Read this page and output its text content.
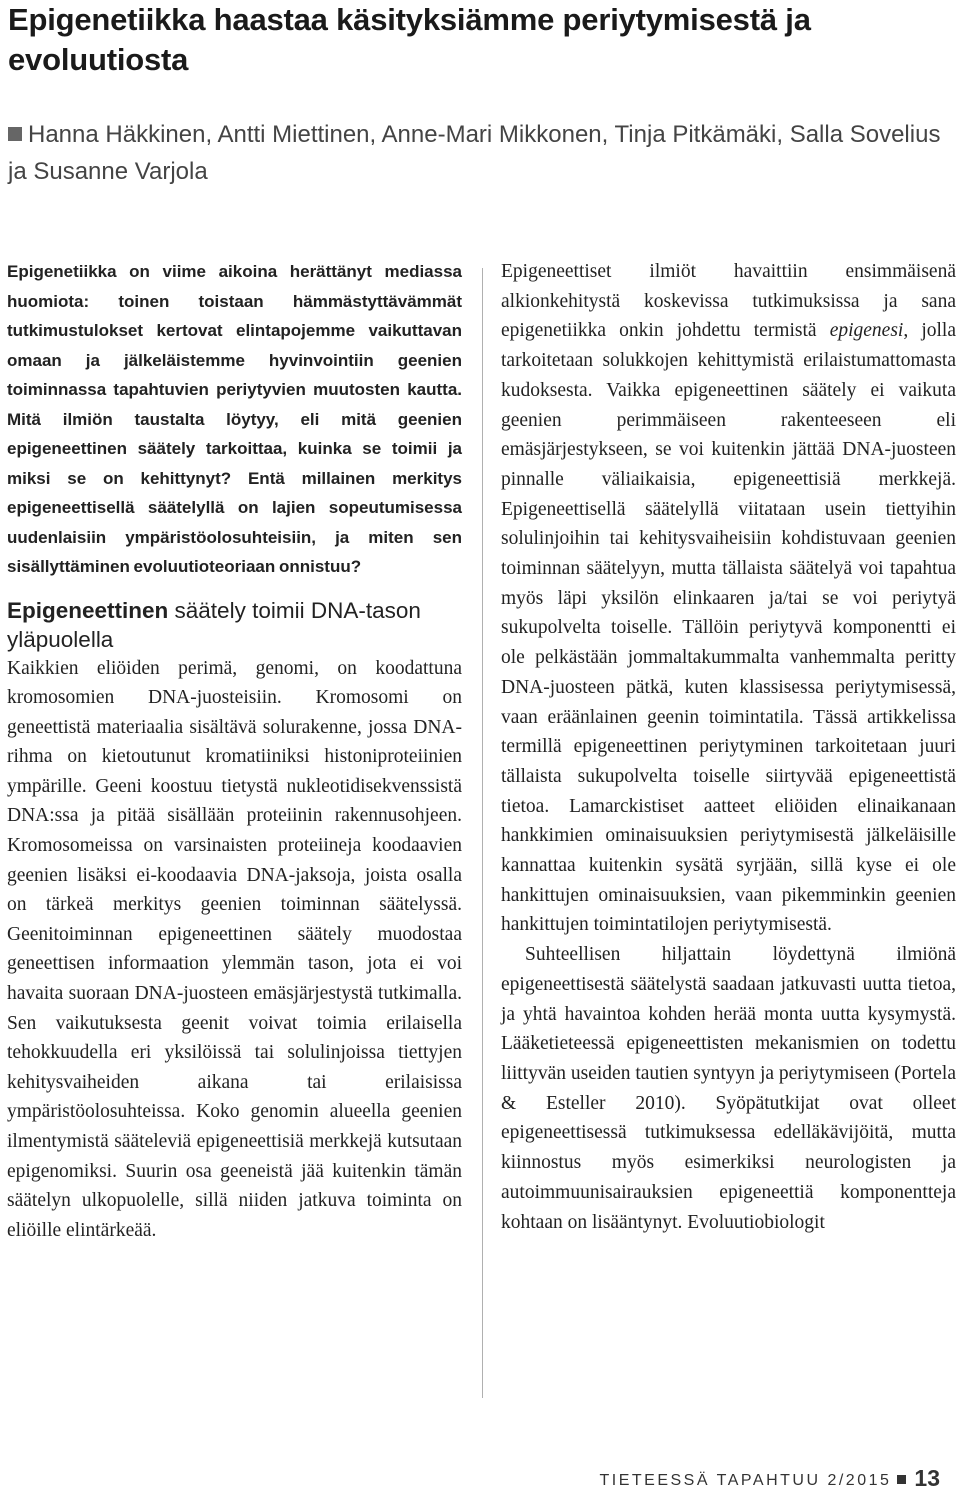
Epigenetiikka haastaa käsityksiämme periytymisestä ja evoluutiosta

Hanna Häkkinen, Antti Miettinen, Anne-Mari Mikkonen, Tinja Pitkämäki, Salla Sovelius ja Susanne Varjola

Epigenetiikka on viime aikoina herättänyt mediassa huomiota: toinen toistaan hämmästyttävämmät tutkimustulokset kertovat elintapojemme vaikuttavan omaan ja jälkeläistemme hyvinvointiin geenien toiminnassa tapahtuvien periytyvien muutosten kautta. Mitä ilmiön taustalta löytyy, eli mitä geenien epigeneettinen säätely tarkoittaa, kuinka se toimii ja miksi se on kehittynyt? Entä millainen merkitys epigeneettisellä säätelyllä on lajien sopeutumisessa uudenlaisiin ympäristöolosuhteisiin, ja miten sen sisällyttäminen evoluutioteoriaan onnistuu?

Epigeneettinen säätely toimii DNA-tason yläpuolella

Kaikkien eliöiden perimä, genomi, on koodattuna kromosomien DNA-juosteisiin. Kromosomi on geneettistä materiaalia sisältävä solurakenne, jossa DNA-rihma on kietoutunut kromatiiniksi histoniproteiinien ympärille. Geeni koostuu tietystä nukleotidisekvenssistä DNA:ssa ja pitää sisällään proteiinin rakennusohjeen. Kromosomeissa on varsinaisten proteiineja koodaavien geenien lisäksi ei-koodaavia DNA-jaksoja, joista osalla on tärkeä merkitys geenien toiminnan säätelyssä. Geenitoiminnan epigeneettinen säätely muodostaa geneettisen informaation ylemmän tason, jota ei voi havaita suoraan DNA-juosteen emäsjärjestystä tutkimalla. Sen vaikutuksesta geenit voivat toimia erilaisella tehokkuudella eri yksilöissä tai solulinjoissa tiettyjen kehitysvaiheiden aikana tai erilaisissa ympäristöolosuhteissa. Koko genomin alueella geenien ilmentymistä sääteleviä epigeneettisiä merkkejä kutsutaan epigenomiksi. Suurin osa geeneistä jää kuitenkin tämän säätelyn ulkopuolelle, sillä niiden jatkuva toiminta on eliöille elintärkeää.

Epigeneettiset ilmiöt havaittiin ensimmäisenä alkionkehitystä koskevissa tutkimuksissa ja sana epigenetiikka onkin johdettu termistä epigenesi, jolla tarkoitetaan solukkojen kehittymistä erilaistumattomasta kudoksesta. Vaikka epigeneettinen säätely ei vaikuta geenien perimmäiseen rakenteeseen eli emäsjärjestykseen, se voi kuitenkin jättää DNA-juosteen pinnalle väliaikaisia, epigeneettisiä merkkejä. Epigeneettisellä säätelyllä viitataan usein tiettyihin solulinjoihin tai kehitysvaiheisiin kohdistuvaan geenien toiminnan säätelyyn, mutta tällaista säätelyä voi tapahtua myös läpi yksilön elinkaaren ja/tai se voi periytyä sukupolvelta toiselle. Tällöin periytyvä komponentti ei ole pelkästään jommaltakummalta vanhemmalta peritty DNA-juosteen pätkä, kuten klassisessa periytymisessä, vaan eräänlainen geenin toimintatila. Tässä artikkelissa termillä epigeneettinen periytyminen tarkoitetaan juuri tällaista sukupolvelta toiselle siirtyvää epigeneettistä tietoa. Lamarckistiset aatteet eliöiden elinaikanaan hankkimien ominaisuuksien periytymisestä jälkeläisille kannattaa kuitenkin sysätä syrjään, sillä kyse ei ole hankittujen ominaisuuksien, vaan pikemminkin geenien hankittujen toimintatilojen periytymisestä.

Suhteellisen hiljattain löydettynä ilmiönä epigeneettisestä säätelystä saadaan jatkuvasti uutta tietoa, ja yhtä havaintoa kohden herää monta uutta kysymystä. Lääketieteessä epigeneettisten mekanismien on todettu liittyvän useiden tautien syntyyn ja periytymiseen (Portela & Esteller 2010). Syöpätutkijat ovat olleet epigeneettisessä tutkimuksessa edelläkävijöitä, mutta kiinnostus myös esimerkiksi neurologisten ja autoimmuunisairauksien epigeneettiä komponentteja kohtaan on lisääntynyt. Evoluutiobiologit

TIETEESSÄ TAPAHTUU 2/2015 13
